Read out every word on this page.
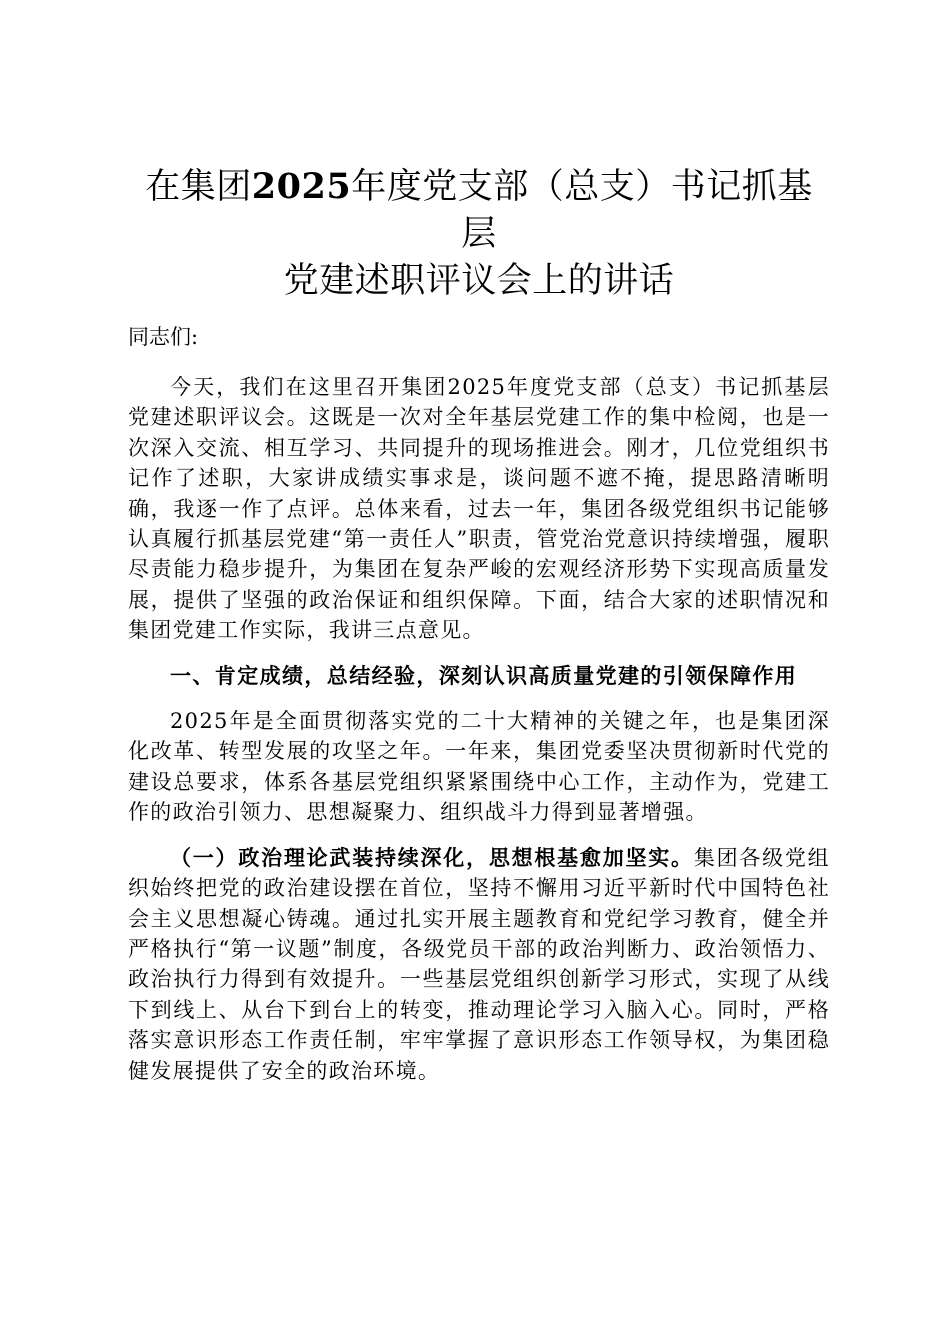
在集团2025年度党支部（总支）书记抓基层
党建述职评议会上的讲话

同志们:

今天，我们在这里召开集团2025年度党支部（总支）书记抓基层党建述职评议会。这既是一次对全年基层党建工作的集中检阅，也是一次深入交流、相互学习、共同提升的现场推进会。刚才，几位党组织书记作了述职，大家讲成绩实事求是，谈问题不遮不掩，提思路清晰明确，我逐一作了点评。总体来看，过去一年，集团各级党组织书记能够认真履行抓基层党建“第一责任人”职责，管党治党意识持续增强，履职尽责能力稳步提升，为集团在复杂严峻的宏观经济形势下实现高质量发展，提供了坚强的政治保证和组织保障。下面，结合大家的述职情况和集团党建工作实际，我讲三点意见。

一、肯定成绩，总结经验，深刻认识高质量党建的引领保障作用

2025年是全面贯彻落实党的二十大精神的关键之年，也是集团深化改革、转型发展的攻坚之年。一年来，集团党委坚决贯彻新时代党的建设总要求，体系各基层党组织紧紧围绕中心工作，主动作为，党建工作的政治引领力、思想凝聚力、组织战斗力得到显著增强。

（一）政治理论武装持续深化，思想根基愈加坚实。集团各级党组织始终把党的政治建设摆在首位，坚持不懈用习近平新时代中国特色社会主义思想凝心铸魂。通过扎实开展主题教育和党纪学习教育，健全并严格执行“第一议题”制度，各级党员干部的政治判断力、政治领悟力、政治执行力得到有效提升。一些基层党组织创新学习形式，实现了从线下到线上、从台下到台上的转变，推动理论学习入脑入心。同时，严格落实意识形态工作责任制，牢牢掌握了意识形态工作领导权，为集团稳健发展提供了安全的政治环境。
